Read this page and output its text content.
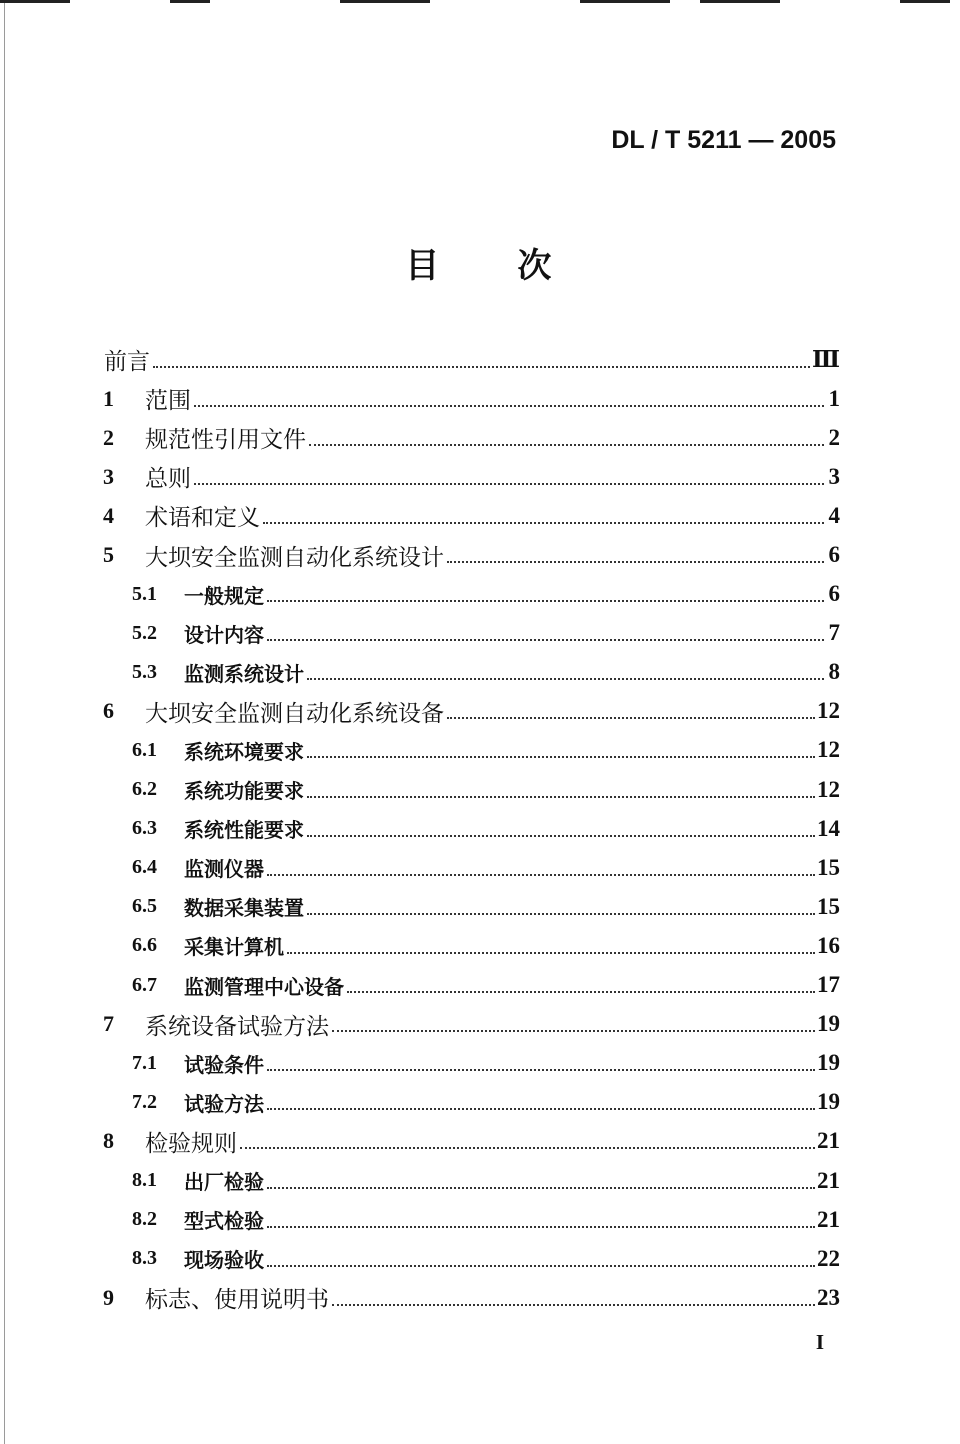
DL / T 5211 — 2005
目　　次
前言	Ⅲ
1	范围	1
2	规范性引用文件	2
3	总则	3
4	术语和定义	4
5	大坝安全监测自动化系统设计	6
5.1	一般规定	6
5.2	设计内容	7
5.3	监测系统设计	8
6	大坝安全监测自动化系统设备	12
6.1	系统环境要求	12
6.2	系统功能要求	12
6.3	系统性能要求	14
6.4	监测仪器	15
6.5	数据采集装置	15
6.6	采集计算机	16
6.7	监测管理中心设备	17
7	系统设备试验方法	19
7.1	试验条件	19
7.2	试验方法	19
8	检验规则	21
8.1	出厂检验	21
8.2	型式检验	21
8.3	现场验收	22
9	标志、使用说明书	23
I
